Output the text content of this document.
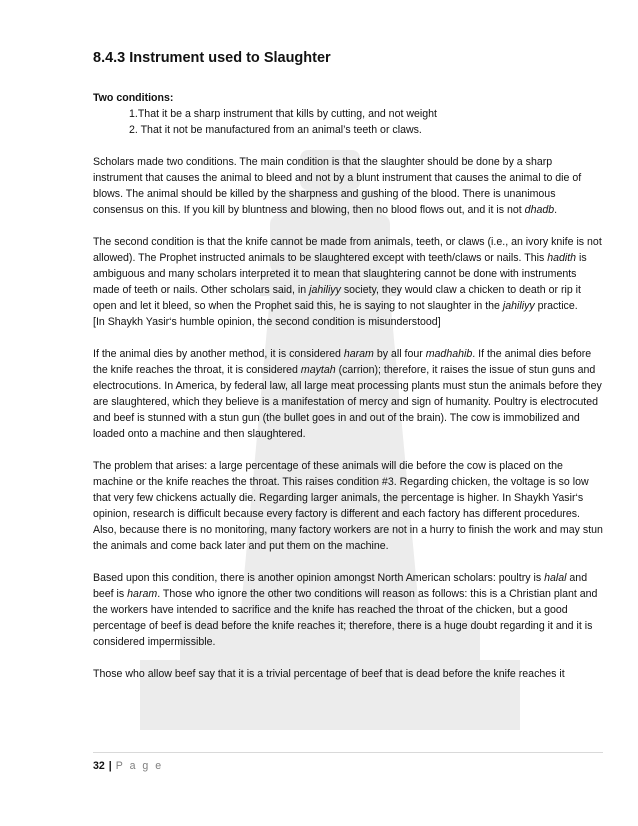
8.4.3 Instrument used to Slaughter
Two conditions:
1.That it be a sharp instrument that kills by cutting, and not weight
2. That it not be manufactured from an animal’s teeth or claws.

Scholars made two conditions. The main condition is that the slaughter should be done by a sharp instrument that causes the animal to bleed and not by a blunt instrument that causes the animal to die of blows. The animal should be killed by the sharpness and gushing of the blood. There is unanimous consensus on this. If you kill by bluntness and blowing, then no blood flows out, and it is not dhadb.

The second condition is that the knife cannot be made from animals, teeth, or claws (i.e., an ivory knife is not allowed). The Prophet instructed animals to be slaughtered except with teeth/claws or nails. This hadith is ambiguous and many scholars interpreted it to mean that slaughtering cannot be done with instruments made of teeth or nails. Other scholars said, in jahiliyy society, they would claw a chicken to death or rip it open and let it bleed, so when the Prophet said this, he is saying to not slaughter in the jahiliyy practice.

[In Shaykh Yasir‘s humble opinion, the second condition is misunderstood]

If the animal dies by another method, it is considered haram by all four madhahib. If the animal dies before the knife reaches the throat, it is considered maytah (carrion); therefore, it raises the issue of stun guns and electrocutions. In America, by federal law, all large meat processing plants must stun the animals before they are slaughtered, which they believe is a manifestation of mercy and sign of humanity. Poultry is electrocuted and beef is stunned with a stun gun (the bullet goes in and out of the brain). The cow is immobilized and loaded onto a machine and then slaughtered.

The problem that arises: a large percentage of these animals will die before the cow is placed on the machine or the knife reaches the throat. This raises condition #3. Regarding chicken, the voltage is so low that very few chickens actually die. Regarding larger animals, the percentage is higher. In Shaykh Yasir‘s opinion, research is difficult because every factory is different and each factory has different procedures. Also, because there is no monitoring, many factory workers are not in a hurry to finish the work and may stun the animals and come back later and put them on the machine.

Based upon this condition, there is another opinion amongst North American scholars: poultry is halal and beef is haram. Those who ignore the other two conditions will reason as follows: this is a Christian plant and the workers have intended to sacrifice and the knife has reached the throat of the chicken, but a good percentage of beef is dead before the knife reaches it; therefore, there is a huge doubt regarding it and it is considered impermissible.

Those who allow beef say that it is a trivial percentage of beef that is dead before the knife reaches it

32 | P a g e
